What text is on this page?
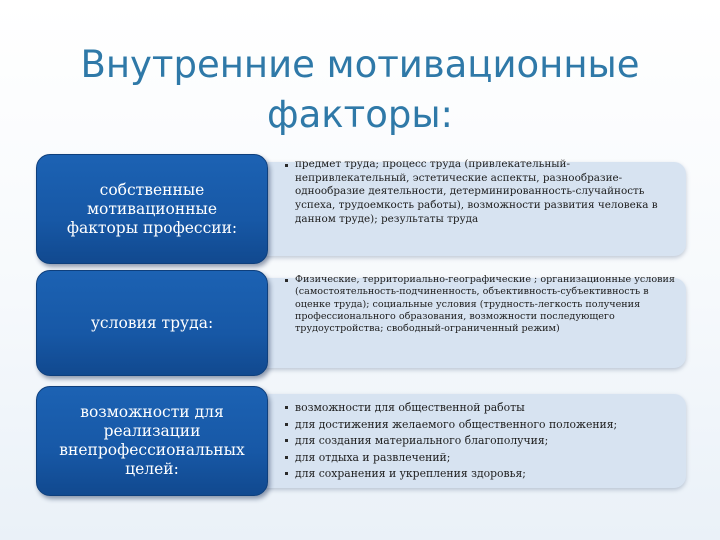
Внутренние мотивационные
факторы:
собственные мотивационные факторы профессии:
предмет труда; процесс труда (привлекательный-непривлекательный, эстетические аспекты, разнообразие-однообразие деятельности, детерминированность-случайность успеха, трудоемкость работы), возможности развития человека в данном труде); результаты труда
условия труда:
Физические, территориально-географические ; организационные условия (самостоятельность-подчиненность, объективность-субъективность в оценке труда); социальные условия (трудность-легкость получения профессионального образования, возможности последующего трудоустройства; свободный-ограниченный режим)
возможности для реализации внепрофессиональных целей:
возможности для общественной работы
для достижения желаемого общественного положения;
для создания материального благополучия;
для отдыха и развлечений;
для сохранения и укрепления здоровья;
